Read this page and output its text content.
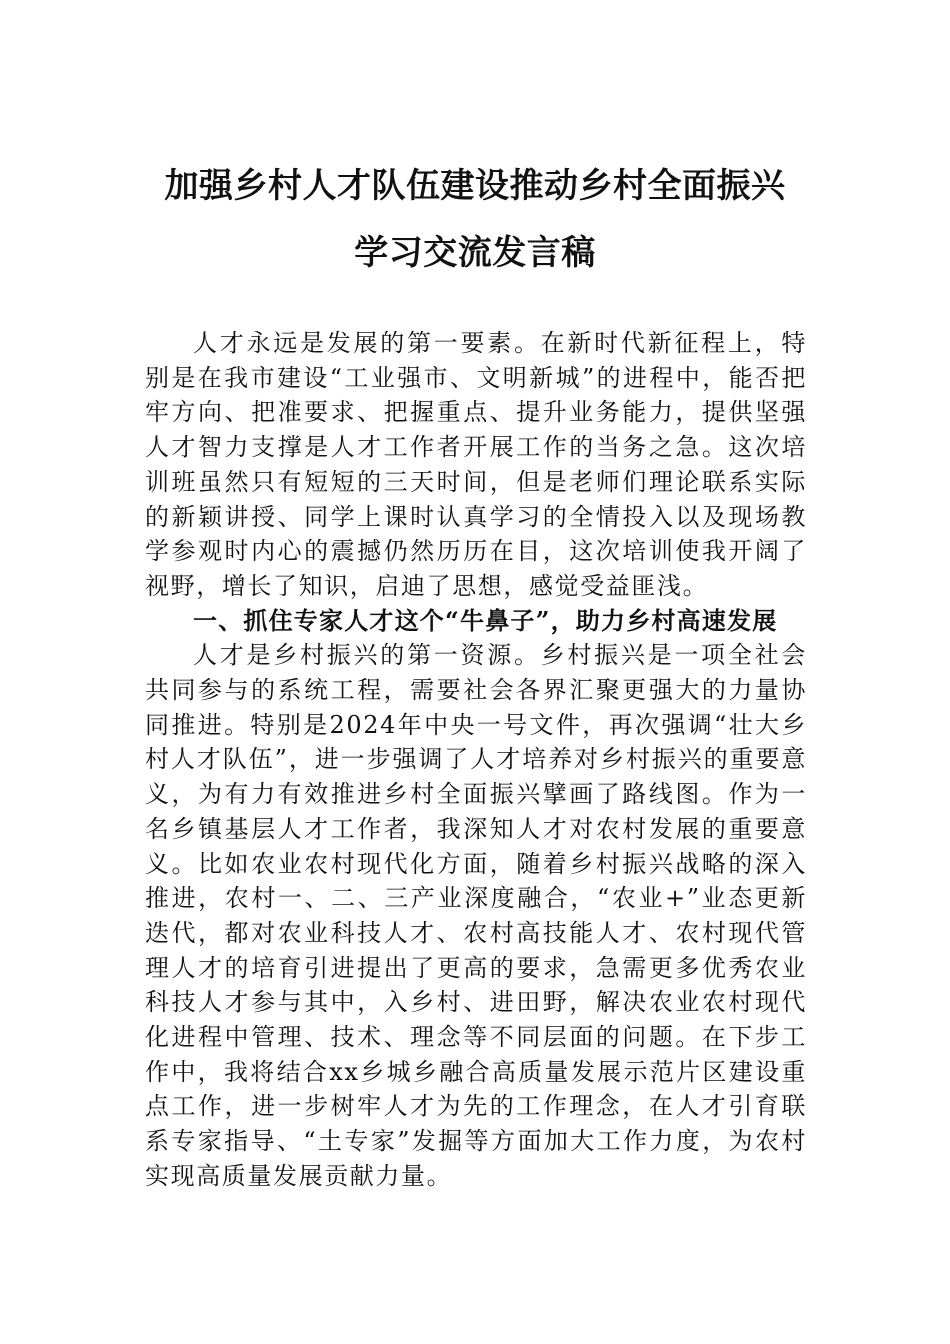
加强乡村人才队伍建设推动乡村全面振兴
学习交流发言稿

人才永远是发展的第一要素。在新时代新征程上，特别是在我市建设“工业强市、文明新城”的进程中，能否把牢方向、把准要求、把握重点、提升业务能力，提供坚强人才智力支撑是人才工作者开展工作的当务之急。这次培训班虽然只有短短的三天时间，但是老师们理论联系实际的新颖讲授、同学上课时认真学习的全情投入以及现场教学参观时内心的震撼仍然历历在目，这次培训使我开阔了视野，增长了知识，启迪了思想，感觉受益匪浅。

一、抓住专家人才这个“牛鼻子”，助力乡村高速发展

人才是乡村振兴的第一资源。乡村振兴是一项全社会共同参与的系统工程，需要社会各界汇聚更强大的力量协同推进。特别是2024年中央一号文件，再次强调“壮大乡村人才队伍”，进一步强调了人才培养对乡村振兴的重要意义，为有力有效推进乡村全面振兴擘画了路线图。作为一名乡镇基层人才工作者，我深知人才对农村发展的重要意义。比如农业农村现代化方面，随着乡村振兴战略的深入推进，农村一、二、三产业深度融合，“农业+”业态更新迭代，都对农业科技人才、农村高技能人才、农村现代管理人才的培育引进提出了更高的要求，急需更多优秀农业科技人才参与其中，入乡村、进田野，解决农业农村现代化进程中管理、技术、理念等不同层面的问题。在下步工作中，我将结合xx乡城乡融合高质量发展示范片区建设重点工作，进一步树牢人才为先的工作理念，在人才引育联系专家指导、“土专家”发掘等方面加大工作力度，为农村实现高质量发展贡献力量。
